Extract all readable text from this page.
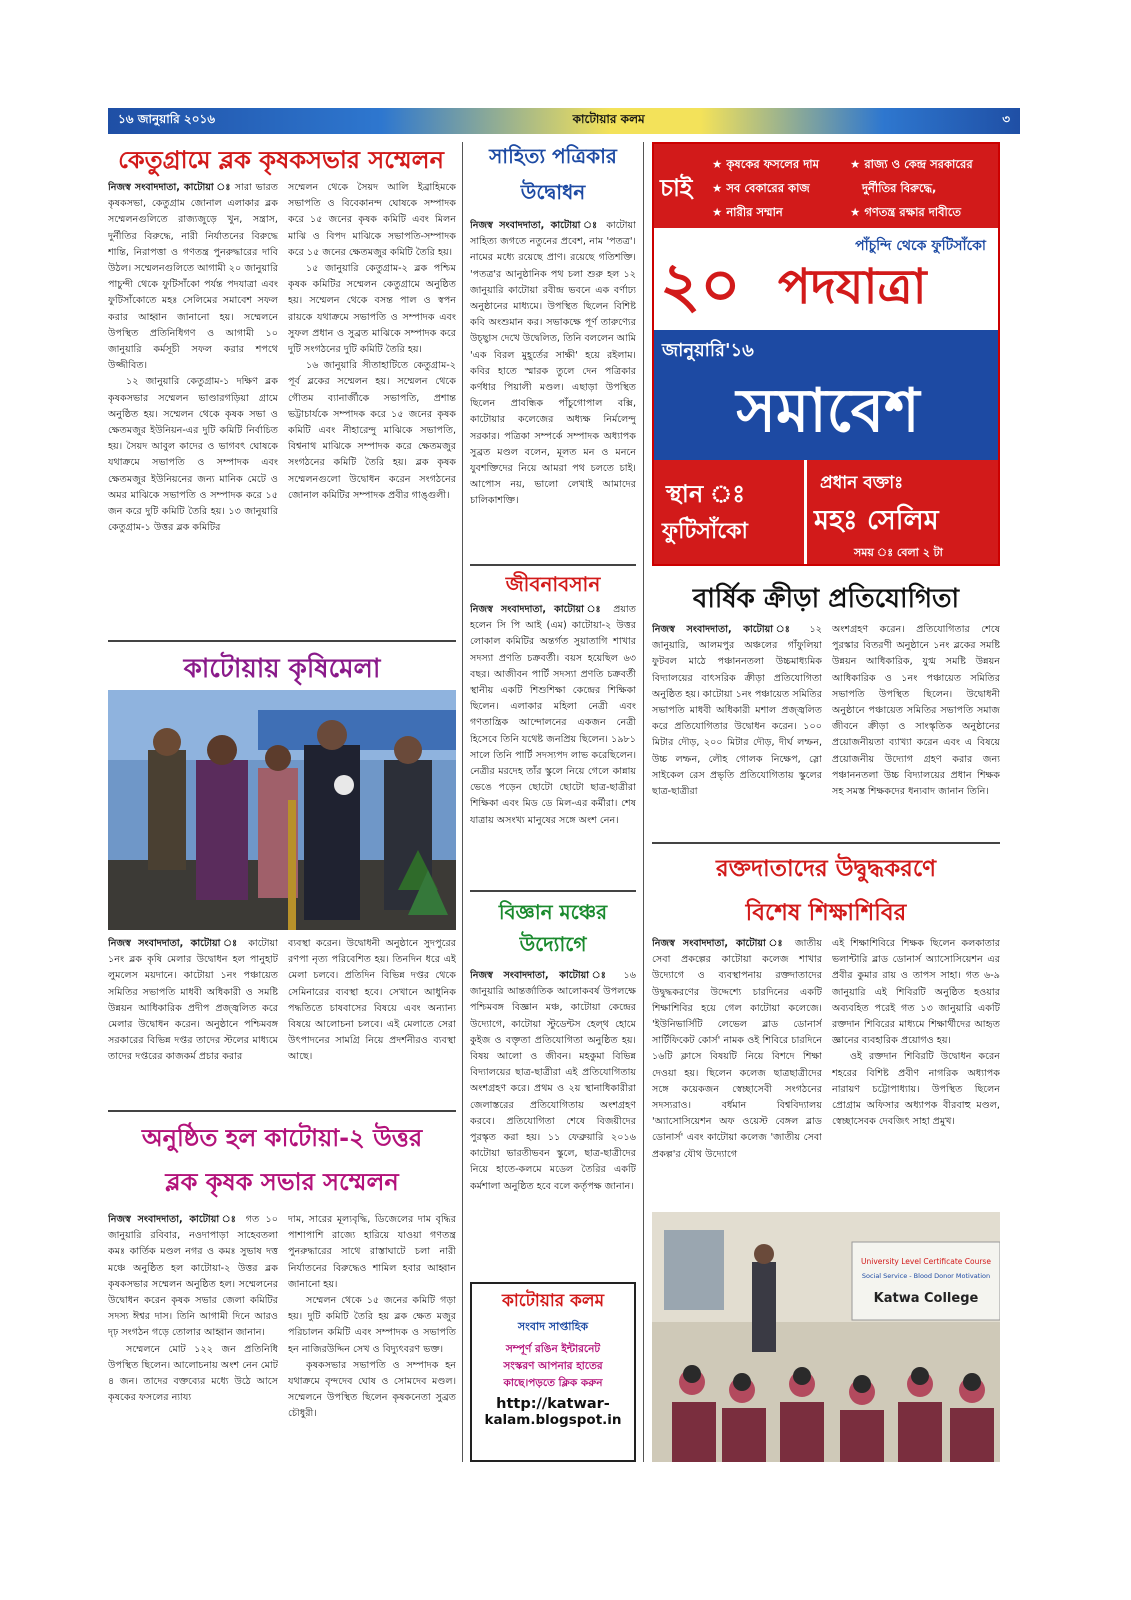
১৬ জানুয়ারি ২০১৬	কাটোয়ার কলম	৩
কেতুগ্রামে ব্লক কৃষকসভার সম্মেলন

নিজস্ব সংবাদদাতা, কাটোয়া ঃ সারা ভারত কৃষকসভা, কেতুগ্রাম জোনাল এলাকার ব্লক সম্মেলনগুলিতে রাজ্যজুড়ে খুন, সন্ত্রাস, দুর্নীতির বিরুদ্ধে, নারী নির্যাতনের বিরুদ্ধে শান্তি, নিরাপত্তা ও গণতন্ত্র পুনরুদ্ধারের দাবি উঠল। সম্মেলনগুলিতে আগামী ২০ জানুয়ারি পাচুন্দী থেকে ফুটিসাঁকো পর্যন্ত পদযাত্রা এবং ফুটিসাঁকোতে মহঃ সেলিমের সমাবেশ সফল করার আহ্বান জানানো হয়। সম্মেলনে উপস্থিত প্রতিনিধিগণ ও আগামী ১০ জানুয়ারি কর্মসূচী সফল করার শপথে উজ্জীবিত।

১২ জানুয়ারি কেতুগ্রাম-১ দক্ষিণ ব্লক কৃষকসভার সম্মেলন ভাণ্ডারগড়িয়া গ্রামে অনুষ্ঠিত হয়। সম্মেলন থেকে কৃষক সভা ও ক্ষেতমজুর ইউনিয়ন-এর দুটি কমিটি নির্বাচিত হয়। সৈয়দ আবুল কাদের ও ভাগবৎ ঘোষকে যথাক্রমে সভাপতি ও সম্পাদক এবং ক্ষেতমজুর ইউনিয়নের জন্য মানিক মেটে ও অমর মাঝিকে সভাপতি ও সম্পাদক করে ১৫ জন করে দুটি কমিটি তৈরি হয়। ১৩ জানুয়ারি কেতুগ্রাম-১ উত্তর ব্লক কমিটির

সম্মেলন থেকে সৈয়দ আলি ইব্রাহিমকে সভাপতি ও বিবেকানন্দ ঘোষকে সম্পাদক করে ১৫ জনের কৃষক কমিটি এবং মিলন মাঝি ও বিপদ মাঝিকে সভাপতি-সম্পাদক করে ১৫ জনের ক্ষেতমজুর কমিটি তৈরি হয়।

১৫ জানুয়ারি কেতুগ্রাম-২ ব্লক পশ্চিম কৃষক কমিটির সম্মেলন কেতুগ্রামে অনুষ্ঠিত হয়। সম্মেলন থেকে বসন্ত পাল ও স্বপন রায়কে যথাক্রমে সভাপতি ও সম্পাদক এবং সুফল প্রধান ও সুব্রত মাঝিকে সম্পাদক করে দুটি সংগঠনের দুটি কমিটি তৈরি হয়।

১৬ জানুয়ারি সীতাহাটিতে কেতুগ্রাম-২ পূর্ব ব্লকের সম্মেলন হয়। সম্মেলন থেকে গৌতম ব্যানার্জীকে সভাপতি, প্রশান্ত ভট্টাচার্যকে সম্পাদক করে ১৫ জনের কৃষক কমিটি এবং নীহারেন্দু মাঝিকে সভাপতি, বিশ্বনাথ মাঝিকে সম্পাদক করে ক্ষেতমজুর সংগঠনের কমিটি তৈরি হয়। ব্লক কৃষক সম্মেলনগুলো উদ্বোধন করেন সংগঠনের জোনাল কমিটির সম্পাদক প্রবীর গাঙ্গুলী।

কাটোয়ায় কৃষিমেলা

নিজস্ব সংবাদদাতা, কাটোয়া ঃ কাটোয়া ১নং ব্লক কৃষি মেলার উদ্বোধন হল পানুহাট লুমলেস ময়দানে। কাটোয়া ১নং পঞ্চায়েত সমিতির সভাপতি মাধবী অধিকারী ও সমষ্টি উন্নয়ন আধিকারিক প্রদীপ প্রজ্জ্বলিত করে মেলার উদ্বোধন করেন। অনুষ্ঠানে পশ্চিমবঙ্গ সরকারের বিভিন্ন দপ্তর তাদের স্টলের মাধ্যমে তাদের দপ্তরের কাজকর্ম প্রচার করার

ব্যবস্থা করেন। উদ্বোধনী অনুষ্ঠানে সুদপুরের রণপা নৃত্য পরিবেশিত হয়। তিনদিন ধরে এই মেলা চলবে। প্রতিদিন বিভিন্ন দপ্তর থেকে সেমিনারের ব্যবস্থা হবে। সেখানে আধুনিক পদ্ধতিতে চাষবাসের বিষয়ে এবং অন্যান্য বিষয়ে আলোচনা চলবে। এই মেলাতে সেরা উৎপাদনের সামগ্রি নিয়ে প্রদর্শনীরও ব্যবস্থা আছে।

অনুষ্ঠিত হল কাটোয়া-২ উত্তর
ব্লক কৃষক সভার সম্মেলন

নিজস্ব সংবাদদাতা, কাটোয়া ঃ গত ১০ জানুয়ারি রবিবার, নওদাপাড়া সাহেবতলা কমঃ কার্তিক মণ্ডল নগর ও কমঃ সুভাষ দত্ত মঞ্চে অনুষ্ঠিত হল কাটোয়া-২ উত্তর ব্লক কৃষকসভার সম্মেলন অনুষ্ঠিত হল। সম্মেলনের উদ্বোধন করেন কৃষক সভার জেলা কমিটির সদস্য ঈশ্বর দাস। তিনি আগামী দিনে আরও দৃঢ় সংগঠন গড়ে তোলার আহ্বান জানান।

সম্মেলনে মোট ১২২ জন প্রতিনিধি উপস্থিত ছিলেন। আলোচনায় অংশ নেন মোট ৪ জন। তাদের বক্তব্যের মধ্যে উঠে আসে কৃষকের ফসলের ন্যায্য

দাম, সারের মূল্যবৃদ্ধি, ডিজেলের দাম বৃদ্ধির পাশাপাশি রাজ্যে হারিয়ে যাওয়া গণতন্ত্র পুনরুদ্ধারের সাথে রাস্তাঘাটে চলা নারী নির্যাতনের বিরুদ্ধেও শামিল হবার আহ্বান জানানো হয়।

সম্মেলন থেকে ১৫ জনের কমিটি গড়া হয়। দুটি কমিটি তৈরি হয় ব্লক ক্ষেত মজুর পরিচালন কমিটি এবং সম্পাদক ও সভাপতি হন নাজিরউদ্দিন সেখ ও বিদ্যুৎবরণ ভক্ত।

কৃষকসভার সভাপতি ও সম্পাদক হন যথাক্রমে বৃন্দদেব ঘোষ ও সোমদেব মণ্ডল। সম্মেলনে উপস্থিত ছিলেন কৃষকনেতা সুব্রত চৌধুরী।

সাহিত্য পত্রিকার
উদ্বোধন

নিজস্ব সংবাদদাতা, কাটোয়া ঃ কাটোয়া সাহিত্য জগতে নতুনের প্রবেশ, নাম 'পতত্র'। নামের মধ্যে রয়েছে প্রাণ। রয়েছে গতিশক্তি। 'পতত্র'র আনুষ্ঠানিক পথ চলা শুরু হল ১২ জানুয়ারি কাটোয়া রবীন্দ্র ভবনে এক বর্ণাঢ্য অনুষ্ঠানের মাধ্যমে। উপস্থিত ছিলেন বিশিষ্ট কবি অংশুমান কর। সভাকক্ষে পূর্ণ তারুণ্যের উচ্ছ্বাস দেখে উদ্বেলিত, তিনি বললেন আমি 'এক বিরল মুহূর্তের সাক্ষী' হয়ে রইলাম। কবির হাতে স্মারক তুলে দেন পত্রিকার কর্ণধার পিয়ালী মণ্ডল। এছাড়া উপস্থিত ছিলেন প্রাবন্ধিক পাঁচুগোপাল বক্সি, কাটোয়ার কলেজের অধ্যক্ষ নির্মলেন্দু সরকার। পত্রিকা সম্পর্কে সম্পাদক অধ্যাপক সুব্রত মণ্ডল বলেন, মূলত মন ও মননে যুবশক্তিদের নিয়ে আমরা পথ চলতে চাই। আপোস নয়, ভালো লেখাই আমাদের চালিকাশক্তি।

জীবনাবসান

নিজস্ব সংবাদদাতা, কাটোয়া ঃ প্রয়াত হলেন সি পি আই (এম) কাটোয়া-২ উত্তর লোকাল কমিটির অন্তর্গত সুয়াতাগি শাখার সদস্যা প্রণতি চক্রবর্তী। বয়স হয়েছিল ৬৩ বছর। আজীবন পার্টি সদস্যা প্রণতি চক্রবর্তী স্থানীয় একটি শিশুশিক্ষা কেন্দ্রের শিক্ষিকা ছিলেন। এলাকার মহিলা নেত্রী এবং গণতান্ত্রিক আন্দোলনের একজন নেত্রী হিসেবে তিনি যথেষ্ট জনপ্রিয় ছিলেন। ১৯৮১ সালে তিনি পার্টি সদস্যপদ লাভ করেছিলেন। নেত্রীর মরদেহ তাঁর স্কুলে নিয়ে গেলে কান্নায় ভেঙে পড়েন ছোটো ছোটো ছাত্র-ছাত্রীরা শিক্ষিকা এবং মিড ডে মিল-এর কর্মীরা। শেষ যাত্রায় অসংখ্য মানুষের সঙ্গে অংশ নেন।

বিজ্ঞান মঞ্চের
উদ্যোগে

নিজস্ব সংবাদদাতা, কাটোয়া ঃ ১৬ জানুয়ারি আন্তর্জাতিক আলোকবর্ষ উপলক্ষে পশ্চিমবঙ্গ বিজ্ঞান মঞ্চ, কাটোয়া কেন্দ্রের উদ্যোগে, কাটোয়া স্টুডেন্টস হেল্থ হোমে কুইজ ও বক্তৃতা প্রতিযোগিতা অনুষ্ঠিত হয়। বিষয় আলো ও জীবন। মহকুমা বিভিন্ন বিদ্যালয়ের ছাত্র-ছাত্রীরা এই প্রতিযোগিতায় অংশগ্রহণ করে। প্রথম ও ২য় স্থানাধিকারীরা জেলাস্তরের প্রতিযোগিতায় অংশগ্রহণ করবে। প্রতিযোগিতা শেষে বিজয়ীদের পুরস্কৃত করা হয়। ১১ ফেব্রুয়ারি ২০১৬ কাটোয়া ভারতীভবন স্কুলে, ছাত্র-ছাত্রীদের নিয়ে হাতে-কলমে মডেল তৈরির একটি কর্মশালা অনুষ্ঠিত হবে বলে কর্তৃপক্ষ জানান।

কাটোয়ার কলম
সংবাদ সাপ্তাহিক
সম্পূর্ণ রঙিন ইন্টারনেট
সংস্করণ আপনার হাতের
কাছে।পড়তে ক্লিক করুন
http://katwar-
kalam.blogspot.in
চাই
★ কৃষকের ফসলের দাম
★ সব বেকারের কাজ
★ নারীর সম্মান
★ রাজ্য ও কেন্দ্র সরকারের
দুর্নীতির বিরুদ্ধে,
★ গণতন্ত্র রক্ষার দাবীতে
পাঁচুন্দি থেকে ফুটিসাঁকো
২০ পদযাত্রা
জানুয়ারি'১৬
সমাবেশ
স্থান ঃ
ফুটিসাঁকো
প্রধান বক্তাঃ
মহঃ সেলিম
সময় ঃ বেলা ২ টা
বার্ষিক ক্রীড়া প্রতিযোগিতা

নিজস্ব সংবাদদাতা, কাটোয়া ঃ ১২ জানুয়ারি, আলমপুর অঞ্চলের গাঁফুলিয়া ফুটবল মাঠে পঞ্চাননতলা উচ্চমাধ্যমিক বিদ্যালয়ের বাৎসরিক ক্রীড়া প্রতিযোগিতা অনুষ্ঠিত হয়। কাটোয়া ১নং পঞ্চায়েত সমিতির সভাপতি মাধবী অধিকারী মশাল প্রজ্জ্বলিত করে প্রতিযোগিতার উদ্বোধন করেন। ১০০ মিটার দৌড়, ২০০ মিটার দৌড়, দীর্ঘ লম্ফন, উচ্চ লম্ফন, লৌহ গোলক নিক্ষেপ, স্লো সাইকেল রেস প্রভৃতি প্রতিযোগিতায় স্কুলের ছাত্র-ছাত্রীরা

অংশগ্রহণ করেন। প্রতিযোগিতার শেষে পুরস্কার বিতরণী অনুষ্ঠানে ১নং ব্লকের সমষ্টি উন্নয়ন আধিকারিক, যুগ্ম সমষ্টি উন্নয়ন আধিকারিক ও ১নং পঞ্চায়েত সমিতির সভাপতি উপস্থিত ছিলেন। উদ্বোধনী অনুষ্ঠানে পঞ্চায়েত সমিতির সভাপতি সমাজ জীবনে ক্রীড়া ও সাংস্কৃতিক অনুষ্ঠানের প্রয়োজনীয়তা ব্যাখ্যা করেন এবং এ বিষয়ে প্রয়োজনীয় উদ্যোগ গ্রহণ করার জন্য পঞ্চাননতলা উচ্চ বিদ্যালয়ের প্রধান শিক্ষক সহ সমস্ত শিক্ষকদের ধন্যবাদ জানান তিনি।

রক্তদাতাদের উদ্বুদ্ধকরণে
বিশেষ শিক্ষাশিবির

নিজস্ব সংবাদদাতা, কাটোয়া ঃ জাতীয় সেবা প্রকল্পের কাটোয়া কলেজ শাখার উদ্যোগে ও ব্যবস্থাপনায় রক্তদাতাদের উদ্বুদ্ধকরণের উদ্দেশ্যে চারদিনের একটি শিক্ষাশিবির হয়ে গেল কাটোয়া কলেজে। 'ইউনিভার্সিটি লেভেল ব্লাড ডোনার্স সার্টিফিকেট কোর্স' নামক ওই শিবিরে চারদিনে ১৬টি ক্লাসে বিষয়টি নিয়ে বিশদে শিক্ষা দেওয়া হয়। ছিলেন কলেজ ছাত্রছাত্রীদের সঙ্গে কয়েকজন স্বেচ্ছাসেবী সংগঠনের সদস্যরাও। বর্ধমান বিশ্ববিদ্যালয় 'অ্যাসোসিয়েশন অফ ওয়েস্ট বেঙ্গল ব্লাড ডোনার্স' এবং কাটোয়া কলেজ 'জাতীয় সেবা প্রকল্প'র যৌথ উদ্যোগে

এই শিক্ষাশিবিরে শিক্ষক ছিলেন কলকাতার ভলান্টারি ব্লাড ডোনার্স অ্যাসোসিয়েশন এর প্রবীর কুমার রায় ও তাপস সাহা। গত ৬-৯ জানুয়ারি এই শিবিরটি অনুষ্ঠিত হওয়ার অব্যবহিত পরেই গত ১৩ জানুয়ারি একটি রক্তদান শিবিরের মাধ্যমে শিক্ষার্থীদের আহৃত জ্ঞানের ব্যবহারিক প্রয়োগও হয়।

ওই রক্তদান শিবিরটি উদ্বোধন করেন শহরের বিশিষ্ট প্রবীণ নাগরিক অধ্যাপক নারায়ণ চট্টোপাধ্যায়। উপস্থিত ছিলেন প্রোগ্রাম অফিসার অধ্যাপক বীরবাহু মণ্ডল, স্বেচ্ছাসেবক দেবজিৎ সাহা প্রমুখ।

University Level Certificate Course
Social Service - Blood Donor Motivation
Katwa College
